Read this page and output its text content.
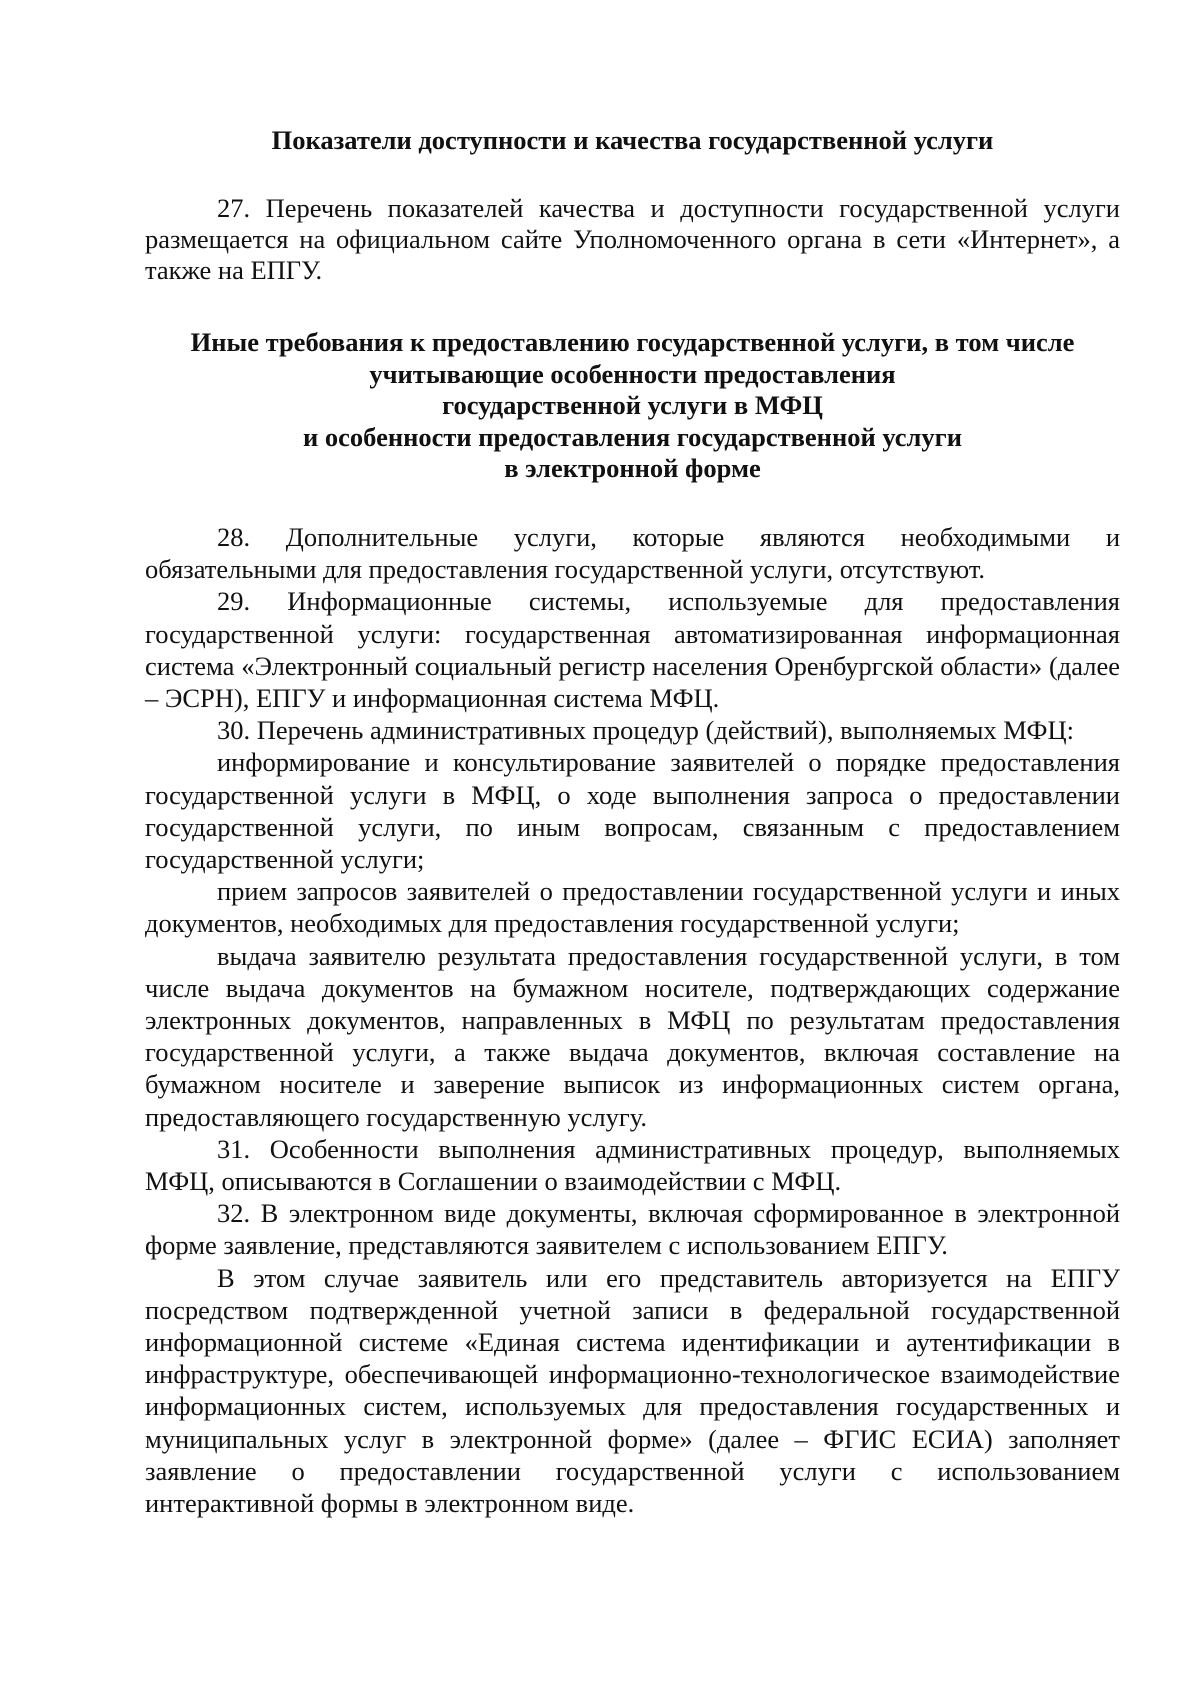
Показатели доступности и качества государственной услуги

27. Перечень показателей качества и доступности государственной услуги размещается на официальном сайте Уполномоченного органа в сети «Интернет», а также на ЕПГУ.

Иные требования к предоставлению государственной услуги, в том числе
учитывающие особенности предоставления
государственной услуги в МФЦ
и особенности предоставления государственной услуги
в электронной форме

28. Дополнительные услуги, которые являются необходимыми и обязательными для предоставления государственной услуги, отсутствуют.

29. Информационные системы, используемые для предоставления государственной услуги: государственная автоматизированная информационная система «Электронный социальный регистр населения Оренбургской области» (далее – ЭСРН), ЕПГУ и информационная система МФЦ.

30. Перечень административных процедур (действий), выполняемых МФЦ:

информирование и консультирование заявителей о порядке предоставления государственной услуги в МФЦ, о ходе выполнения запроса о предоставлении государственной услуги, по иным вопросам, связанным с предоставлением государственной услуги;

прием запросов заявителей о предоставлении государственной услуги и иных документов, необходимых для предоставления государственной услуги;

выдача заявителю результата предоставления государственной услуги, в том числе выдача документов на бумажном носителе, подтверждающих содержание электронных документов, направленных в МФЦ по результатам предоставления государственной услуги, а также выдача документов, включая составление на бумажном носителе и заверение выписок из информационных систем органа, предоставляющего государственную услугу.

31. Особенности выполнения административных процедур, выполняемых МФЦ, описываются в Соглашении о взаимодействии с МФЦ.

32. В электронном виде документы, включая сформированное в электронной форме заявление, представляются заявителем с использованием ЕПГУ.

В этом случае заявитель или его представитель авторизуется на ЕПГУ посредством подтвержденной учетной записи в федеральной государственной информационной системе «Единая система идентификации и аутентификации в инфраструктуре, обеспечивающей информационно-технологическое взаимодействие информационных систем, используемых для предоставления государственных и муниципальных услуг в электронной форме» (далее – ФГИС ЕСИА) заполняет заявление о предоставлении государственной услуги с использованием интерактивной формы в электронном виде.
